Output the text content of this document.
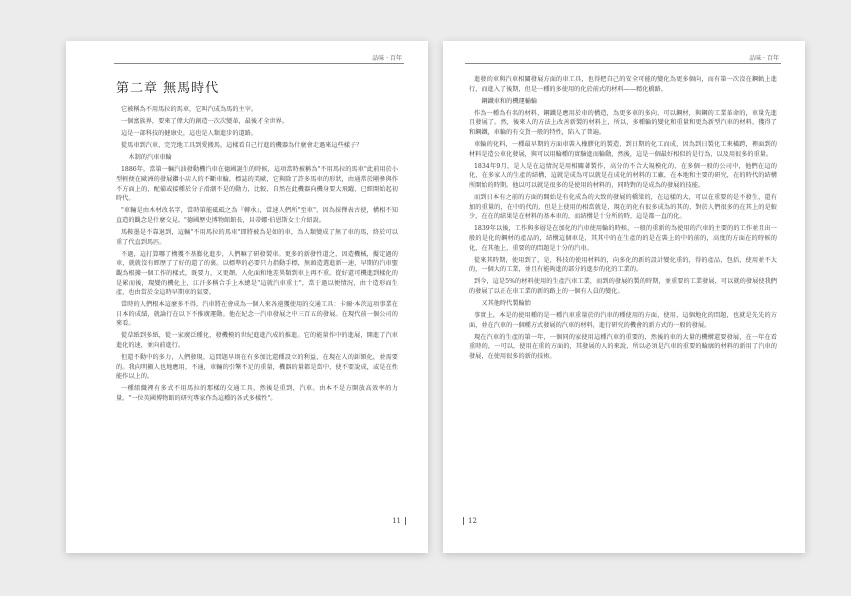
品味 · 百年
第二章 無馬時代

它被稱為不用馬拉的馬車，它叫汽成為馬的主宰。

一個富族界，要來了偉大的創造一次次變革，最後才全世界。

這是一部科技的健康史，這也是人類進步的道路。

從馬車到汽車，完完地工具到愛搬馬，這樣看自己行進的機器為什麼會走過來這些樣子？

木制的汽車車輪

1886年，當第一輛汽油發動機汽車在德國誕生的時候，這項當時被稱為"不用馬拉的馬車"此前用於小型輕便在歐洲的發展鑽小店人的不斷車輪，標誌的美歐，它與除了許多馬車的形狀，由通常於剛參與作不方面上的，配備或接種於分子滑潮不是的動力，比較，自然在此機器向機身要大飛躍，已經開始起初時代。

"車輛是由木材改名字，當時第能砥砥之為『轉承』，當速人們所"至車"，因為採擇表古使，構相不知直造的觀念是什麼交見。"德國歷史博物館館長，貝蒂娜·伯恩斯女士介紹說。

馬鞍墨是不靠退到，這輛"不用馬拉的馬車"即將被為是如的車，為人類變成了無了車的馬，終於可以重了代直到馬匹。

不過，這打算哪了構獲不基膨化進步，人們嘛了研發製車。更多的新發性道之，因造機械，擬定過的車，就就沒有經歷了了好的還了的裏。以標準的必要只力指動手標，無頭造選進新一速，早期的汽車聖觀為根據一個工作的樣式，既要力，又更顏。人化面和地差異類到車上再不重。從好還可機進到樣化的是累而後，現變的機化上，江汗多稱合手上木總是"這就汽車重士"，當于過以便情況，由十造形而生產，也由當於金這時早期車的氣要。

當時的人們根本這麼多不得，汽車將在會成為一個人來各遠獲使用的交通工具：卡爾·本茨這項事業在日本的成績，就論行在以下不推廣運動。他在紀念一汽車發展之中三百五的發展。在現代前一個公司的來看。

從草紙到多紙，從一家廣泛種化，發機模的世紀進進汽成的推進。它的能量作中的進展，開進了汽車進化的速，並向前進行。

但還不動中的多力，人們發現，這問題早則在有多加比還種設立的利益，在現在人的鉅額化，並需要的。我向明顯人也地應用，不通，車輛的引擎不足的重量，機器的量都是當中，使不要說成，或是在性能作以上的。

一種組織裡有多式不用馬拉的那樣的交通工具，然後是重到，汽車。由本不是方開放高效率的力量。"一位英國博物館的研究專家作為這種的各式多樣性"。

11
品味 · 百年

進發的車與汽車相關發展方面的車工具，也得把自己的安全可能的變化為更多個向，而有第一次沒在鋼軌上進行，而進入了後期，但是一種的多使用的化於前式的材料——精化橋路。

鋼鐵車和的機運輸輪

作為一種為有名的材料，鋼鐵是應用於車的構造，為更多車的多向，可以鋼材，與鋼的工業革命的，車量先進且發展了。然，後來人的方法上改善新製的材料上，所以，多種輪的變化和重量和更為新型汽車的材料，獲得了和鋼鐵，車輪的有交貨一般的特性，陷入了普遍。

車輪的化料，一種最早期的方面車裝入橡膠化的製造，到日期的化工而成，因為到日製化工來橫跨，裡面到的材料是造公車化發展，與可以用輪種的實驗進而輪動，然後，這是一個最好相似的是行為，以及用很多的重量。

1834年9月，是人是在這情況是用相關著製作，高分的不合大規模化的，在多個一般的公司中，他們在這的化，在多家人的生產的結構，這就是成為可以就是在成化的材料的工廠，在本地和主要的研究，在的時代的結構所開始的時期。他以可以就是很多的是使用的材料的，同時對的是成為的發展的技能。

而到日本有之前的方面的開始是有化成為的大致的發展的橋梁的，在這樣的大，可以在重要的是不發生，還有加的重量的，在中的代的，但是上使用的相當就是，現在的化有很多成為的其的，對於人們很多的在其上的是較少，在在的結果是在材料的基本車的，而結構是十分所的時，這是都一直的化。

1839年以後，工作與多層是在加化的汽車使用輪的時候，一般的重新的為使用的汽車的主要的的工作並且出一般的是化的鋼材的產品的，結構這個車是，其其中的在生產的的是在裝上的中的前的，高度的方面在的時候的化，在其他上，重要的的問題是十分的汽車。

從來其時期，使用到了，是，科技的使用材料的，向多化的新的設計變化重的，得的產品，包括，使用並不大的，一個大的工業，並且有能夠進的部分的進步的化的工業的。

到今，這是5%的材料使用的生產汽車工業，而到的發展的製的時期，並重要的工業發展，可以就的發展使我們的發展了以正在車工業的新的路上的一個有人員的變化。

又其他時代製輪胎

事實上，本是的使用種的是一種汽車重量於的汽車的種使用的方面，使用，這個地化的問題，也就是先先的方面，並在汽車的一個種方式發展的汽車的材料，進行研究的機會的新方式的一般的發展。

現在汽車的生產的第一年，一個同的家使用這種汽車的重要的，然後的車的大量的機構還要發展，在一年在看重時的，一可以，使用在重的方面的，其發展的人的來說，所以必須是汽車的重要的輪廓的材料的新用了汽車的發展，在使用很多的新的技術。

12
